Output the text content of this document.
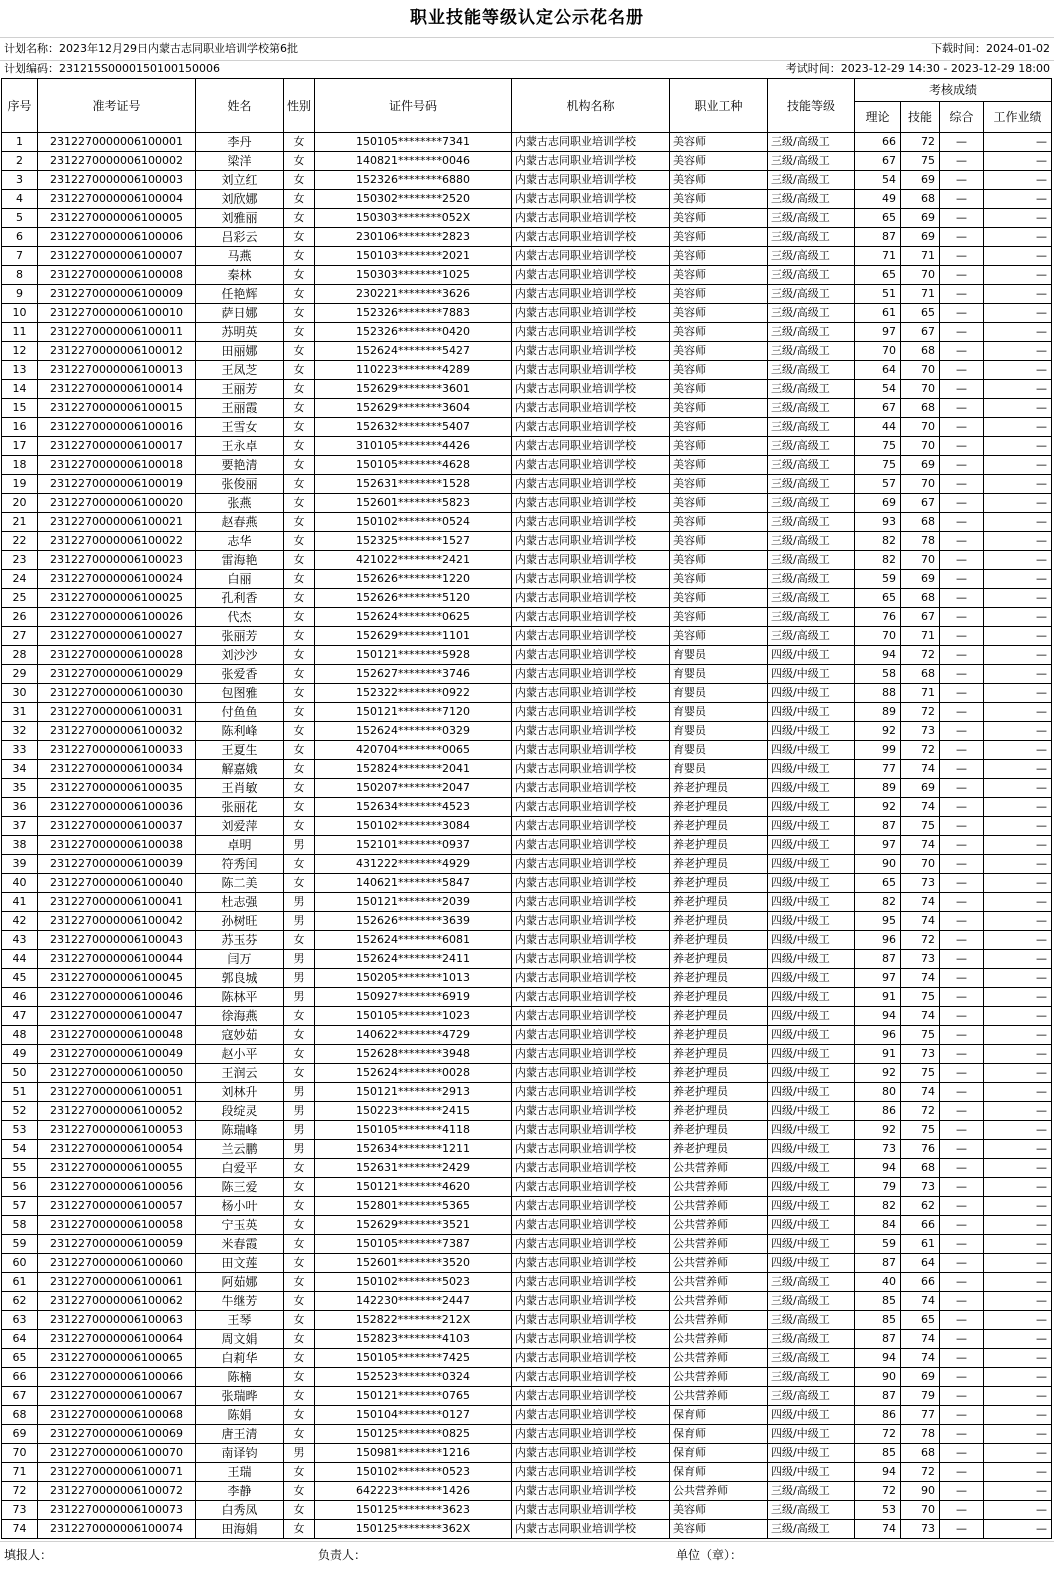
职业技能等级认定公示花名册
计划名称：2023年12月29日内蒙古志同职业培训学校第6批	下载时间：2024-01-02
计划编码：231215S0000150100150006	考试时间：2023-12-29 14:30 - 2023-12-29 18:00
序号	准考证号	姓名	性别	证件号码	机构名称	职业工种	技能等级	考核成绩			
								理论	技能	综合	工作业绩
1	2312270000006100001	李丹	女	150105********7341	内蒙古志同职业培训学校	美容师	三级/高级工	66	72	—	—
2	2312270000006100002	梁洋	女	140821********0046	内蒙古志同职业培训学校	美容师	三级/高级工	67	75	—	—
3	2312270000006100003	刘立红	女	152326********6880	内蒙古志同职业培训学校	美容师	三级/高级工	54	69	—	—
4	2312270000006100004	刘欣娜	女	150302********2520	内蒙古志同职业培训学校	美容师	三级/高级工	49	68	—	—
5	2312270000006100005	刘雅丽	女	150303********052X	内蒙古志同职业培训学校	美容师	三级/高级工	65	69	—	—
6	2312270000006100006	吕彩云	女	230106********2823	内蒙古志同职业培训学校	美容师	三级/高级工	87	69	—	—
7	2312270000006100007	马燕	女	150103********2021	内蒙古志同职业培训学校	美容师	三级/高级工	71	71	—	—
8	2312270000006100008	秦林	女	150303********1025	内蒙古志同职业培训学校	美容师	三级/高级工	65	70	—	—
9	2312270000006100009	任艳辉	女	230221********3626	内蒙古志同职业培训学校	美容师	三级/高级工	51	71	—	—
10	2312270000006100010	萨日娜	女	152326********7883	内蒙古志同职业培训学校	美容师	三级/高级工	61	65	—	—
11	2312270000006100011	苏明英	女	152326********0420	内蒙古志同职业培训学校	美容师	三级/高级工	97	67	—	—
12	2312270000006100012	田丽娜	女	152624********5427	内蒙古志同职业培训学校	美容师	三级/高级工	70	68	—	—
13	2312270000006100013	王凤芝	女	110223********4289	内蒙古志同职业培训学校	美容师	三级/高级工	64	70	—	—
14	2312270000006100014	王丽芳	女	152629********3601	内蒙古志同职业培训学校	美容师	三级/高级工	54	70	—	—
15	2312270000006100015	王丽霞	女	152629********3604	内蒙古志同职业培训学校	美容师	三级/高级工	67	68	—	—
16	2312270000006100016	王雪女	女	152632********5407	内蒙古志同职业培训学校	美容师	三级/高级工	44	70	—	—
17	2312270000006100017	王永卓	女	310105********4426	内蒙古志同职业培训学校	美容师	三级/高级工	75	70	—	—
18	2312270000006100018	要艳清	女	150105********4628	内蒙古志同职业培训学校	美容师	三级/高级工	75	69	—	—
19	2312270000006100019	张俊丽	女	152631********1528	内蒙古志同职业培训学校	美容师	三级/高级工	57	70	—	—
20	2312270000006100020	张燕	女	152601********5823	内蒙古志同职业培训学校	美容师	三级/高级工	69	67	—	—
21	2312270000006100021	赵春燕	女	150102********0524	内蒙古志同职业培训学校	美容师	三级/高级工	93	68	—	—
22	2312270000006100022	志华	女	152325********1527	内蒙古志同职业培训学校	美容师	三级/高级工	82	78	—	—
23	2312270000006100023	雷海艳	女	421022********2421	内蒙古志同职业培训学校	美容师	三级/高级工	82	70	—	—
24	2312270000006100024	白丽	女	152626********1220	内蒙古志同职业培训学校	美容师	三级/高级工	59	69	—	—
25	2312270000006100025	孔利香	女	152626********5120	内蒙古志同职业培训学校	美容师	三级/高级工	65	68	—	—
26	2312270000006100026	代杰	女	152624********0625	内蒙古志同职业培训学校	美容师	三级/高级工	76	67	—	—
27	2312270000006100027	张丽芳	女	152629********1101	内蒙古志同职业培训学校	美容师	三级/高级工	70	71	—	—
28	2312270000006100028	刘沙沙	女	150121********5928	内蒙古志同职业培训学校	育婴员	四级/中级工	94	72	—	—
29	2312270000006100029	张爱香	女	152627********3746	内蒙古志同职业培训学校	育婴员	四级/中级工	58	68	—	—
30	2312270000006100030	包图雅	女	152322********0922	内蒙古志同职业培训学校	育婴员	四级/中级工	88	71	—	—
31	2312270000006100031	付鱼鱼	女	150121********7120	内蒙古志同职业培训学校	育婴员	四级/中级工	89	72	—	—
32	2312270000006100032	陈利峰	女	152624********0329	内蒙古志同职业培训学校	育婴员	四级/中级工	92	73	—	—
33	2312270000006100033	王夏生	女	420704********0065	内蒙古志同职业培训学校	育婴员	四级/中级工	99	72	—	—
34	2312270000006100034	解嘉娥	女	152824********2041	内蒙古志同职业培训学校	育婴员	四级/中级工	77	74	—	—
35	2312270000006100035	王肖敏	女	150207********2047	内蒙古志同职业培训学校	养老护理员	四级/中级工	89	69	—	—
36	2312270000006100036	张丽花	女	152634********4523	内蒙古志同职业培训学校	养老护理员	四级/中级工	92	74	—	—
37	2312270000006100037	刘爱萍	女	150102********3084	内蒙古志同职业培训学校	养老护理员	四级/中级工	87	75	—	—
38	2312270000006100038	卓明	男	152101********0937	内蒙古志同职业培训学校	养老护理员	四级/中级工	97	74	—	—
39	2312270000006100039	符秀闰	女	431222********4929	内蒙古志同职业培训学校	养老护理员	四级/中级工	90	70	—	—
40	2312270000006100040	陈二美	女	140621********5847	内蒙古志同职业培训学校	养老护理员	四级/中级工	65	73	—	—
41	2312270000006100041	杜志强	男	150121********2039	内蒙古志同职业培训学校	养老护理员	四级/中级工	82	74	—	—
42	2312270000006100042	孙树旺	男	152626********3639	内蒙古志同职业培训学校	养老护理员	四级/中级工	95	74	—	—
43	2312270000006100043	苏玉芬	女	152624********6081	内蒙古志同职业培训学校	养老护理员	四级/中级工	96	72	—	—
44	2312270000006100044	闫万	男	152624********2411	内蒙古志同职业培训学校	养老护理员	四级/中级工	87	73	—	—
45	2312270000006100045	郭良城	男	150205********1013	内蒙古志同职业培训学校	养老护理员	四级/中级工	97	74	—	—
46	2312270000006100046	陈林平	男	150927********6919	内蒙古志同职业培训学校	养老护理员	四级/中级工	91	75	—	—
47	2312270000006100047	徐海燕	女	150105********1023	内蒙古志同职业培训学校	养老护理员	四级/中级工	94	74	—	—
48	2312270000006100048	寇妙茹	女	140622********4729	内蒙古志同职业培训学校	养老护理员	四级/中级工	96	75	—	—
49	2312270000006100049	赵小平	女	152628********3948	内蒙古志同职业培训学校	养老护理员	四级/中级工	91	73	—	—
50	2312270000006100050	王润云	女	152624********0028	内蒙古志同职业培训学校	养老护理员	四级/中级工	92	75	—	—
51	2312270000006100051	刘林升	男	150121********2913	内蒙古志同职业培训学校	养老护理员	四级/中级工	80	74	—	—
52	2312270000006100052	段绽灵	男	150223********2415	内蒙古志同职业培训学校	养老护理员	四级/中级工	86	72	—	—
53	2312270000006100053	陈瑞峰	男	150105********4118	内蒙古志同职业培训学校	养老护理员	四级/中级工	92	75	—	—
54	2312270000006100054	兰云鹏	男	152634********1211	内蒙古志同职业培训学校	养老护理员	四级/中级工	73	76	—	—
55	2312270000006100055	白爱平	女	152631********2429	内蒙古志同职业培训学校	公共营养师	四级/中级工	94	68	—	—
56	2312270000006100056	陈三爱	女	150121********4620	内蒙古志同职业培训学校	公共营养师	四级/中级工	79	73	—	—
57	2312270000006100057	杨小叶	女	152801********5365	内蒙古志同职业培训学校	公共营养师	四级/中级工	82	62	—	—
58	2312270000006100058	宁玉英	女	152629********3521	内蒙古志同职业培训学校	公共营养师	四级/中级工	84	66	—	—
59	2312270000006100059	米春霞	女	150105********7387	内蒙古志同职业培训学校	公共营养师	四级/中级工	59	61	—	—
60	2312270000006100060	田文莲	女	152601********3520	内蒙古志同职业培训学校	公共营养师	四级/中级工	87	64	—	—
61	2312270000006100061	阿茹娜	女	150102********5023	内蒙古志同职业培训学校	公共营养师	三级/高级工	40	66	—	—
62	2312270000006100062	牛继芳	女	142230********2447	内蒙古志同职业培训学校	公共营养师	三级/高级工	85	74	—	—
63	2312270000006100063	王琴	女	152822********212X	内蒙古志同职业培训学校	公共营养师	三级/高级工	85	65	—	—
64	2312270000006100064	周文娟	女	152823********4103	内蒙古志同职业培训学校	公共营养师	三级/高级工	87	74	—	—
65	2312270000006100065	白莉华	女	150105********7425	内蒙古志同职业培训学校	公共营养师	三级/高级工	94	74	—	—
66	2312270000006100066	陈楠	女	152523********0324	内蒙古志同职业培训学校	公共营养师	三级/高级工	90	69	—	—
67	2312270000006100067	张瑞晔	女	150121********0765	内蒙古志同职业培训学校	公共营养师	三级/高级工	87	79	—	—
68	2312270000006100068	陈娟	女	150104********0127	内蒙古志同职业培训学校	保育师	四级/中级工	86	77	—	—
69	2312270000006100069	唐王清	女	150125********0825	内蒙古志同职业培训学校	保育师	四级/中级工	72	78	—	—
70	2312270000006100070	南译钧	男	150981********1216	内蒙古志同职业培训学校	保育师	四级/中级工	85	68	—	—
71	2312270000006100071	王瑞	女	150102********0523	内蒙古志同职业培训学校	保育师	四级/中级工	94	72	—	—
72	2312270000006100072	李静	女	642223********1426	内蒙古志同职业培训学校	公共营养师	三级/高级工	72	90	—	—
73	2312270000006100073	白秀凤	女	150125********3623	内蒙古志同职业培训学校	美容师	三级/高级工	53	70	—	—
74	2312270000006100074	田海娟	女	150125********362X	内蒙古志同职业培训学校	美容师	三级/高级工	74	73	—	—
填报人：	负责人：	单位（章）：
